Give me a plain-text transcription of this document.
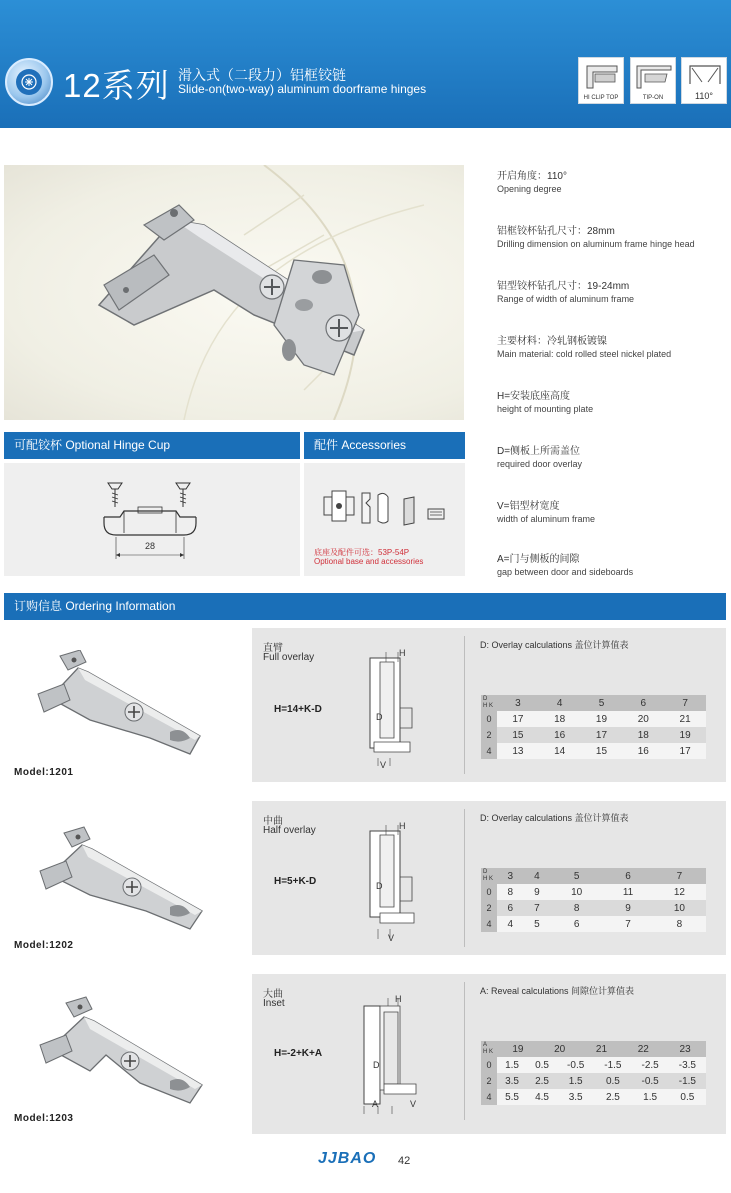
12系列 滑入式（二段力）铝框铰链
Slide-on(two-way) aluminum doorframe hinges
HI CLIP TOP	TIP-ON	110°
开启角度：110°
Opening degree
铝框铰杯钻孔尺寸：28mm
Drilling dimension on aluminum frame hinge head
铝型铰杯钻孔尺寸：19-24mm
Range of width of aluminum frame
主要材料：冷轧钢板镀镍
Main material: cold rolled steel nickel plated
H=安装底座高度
height of mounting plate
D=侧板上所需盖位
required door overlay
V=铝型材宽度
width of aluminum frame
A=门与侧板的间隙
gap between door and sideboards
可配铰杯 Optional Hinge Cup
28
配件 Accessories
底座及配件可选：53P-54P
Optional base and accessories
订购信息 Ordering Information
Model:1201
直臂
Full overlay
H=14+K-D
H
D
V
D: Overlay calculations 盖位计算值表
D
H K	3	4	5	6	7
0	17	18	19	20	21
2	15	16	17	18	19
4	13	14	15	16	17
Model:1202
中曲
Half overlay
H=5+K-D
H
D
V
D: Overlay calculations 盖位计算值表
D
H K	3	4	5	6	7
0	8	9	10	11	12
2	6	7	8	9	10
4	4	5	6	7	8
Model:1203
大曲
Inset
H=-2+K+A
H
D
A	V
A: Reveal calculations 间隙位计算值表
A
H K	19 20 21 22 23					

0	1.5	0.5	-0.5	-1.5	-2.5	-3.5
2	3.5	2.5	1.5	0.5	-0.5	-1.5
4	5.5	4.5	3.5	2.5	1.5	0.5
JJBAO 42
